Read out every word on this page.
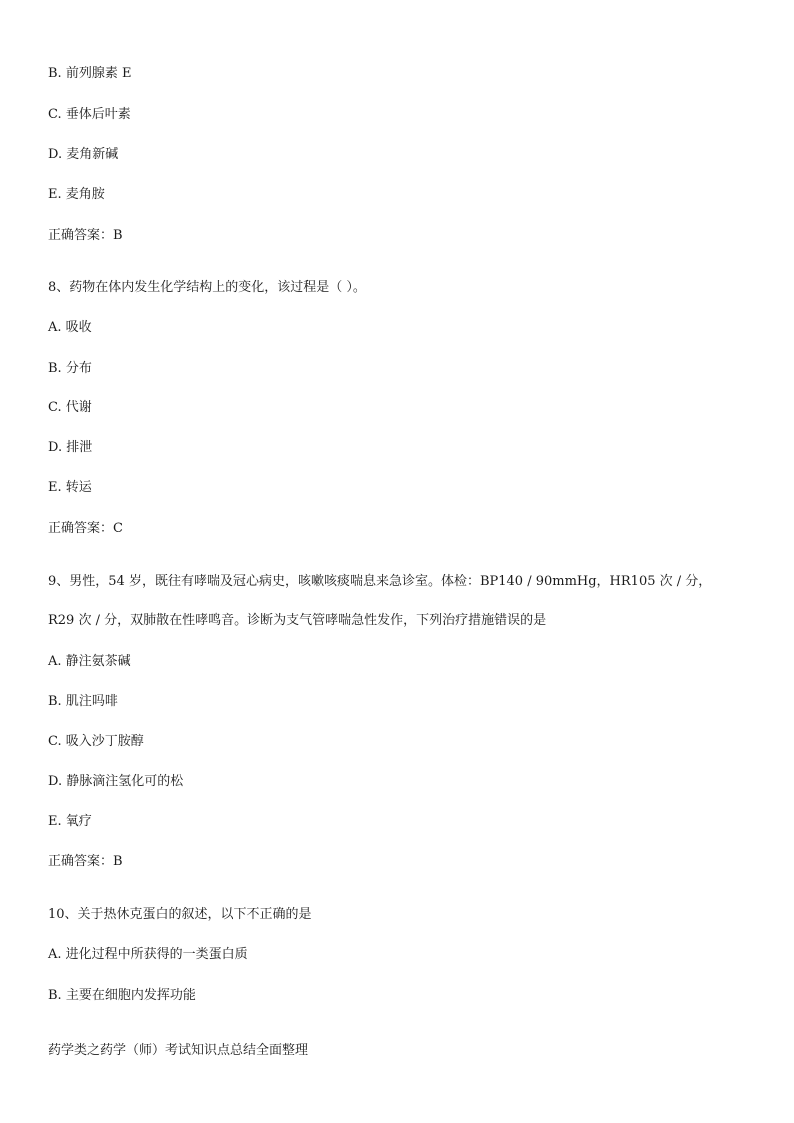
B. 前列腺素 E
C. 垂体后叶素
D. 麦角新碱
E. 麦角胺
正确答案：B
8、药物在体内发生化学结构上的变化，该过程是（ ）。
A. 吸收
B. 分布
C. 代谢
D. 排泄
E. 转运
正确答案：C
9、男性，54 岁，既往有哮喘及冠心病史，咳嗽咳痰喘息来急诊室。体检：BP140 / 90mmHg，HR105 次 / 分，
R29 次 / 分，双肺散在性哮鸣音。诊断为支气管哮喘急性发作，下列治疗措施错误的是
A. 静注氨茶碱
B. 肌注吗啡
C. 吸入沙丁胺醇
D. 静脉滴注氢化可的松
E. 氧疗
正确答案：B
10、关于热休克蛋白的叙述，以下不正确的是
A. 进化过程中所获得的一类蛋白质
B. 主要在细胞内发挥功能
药学类之药学（师）考试知识点总结全面整理
